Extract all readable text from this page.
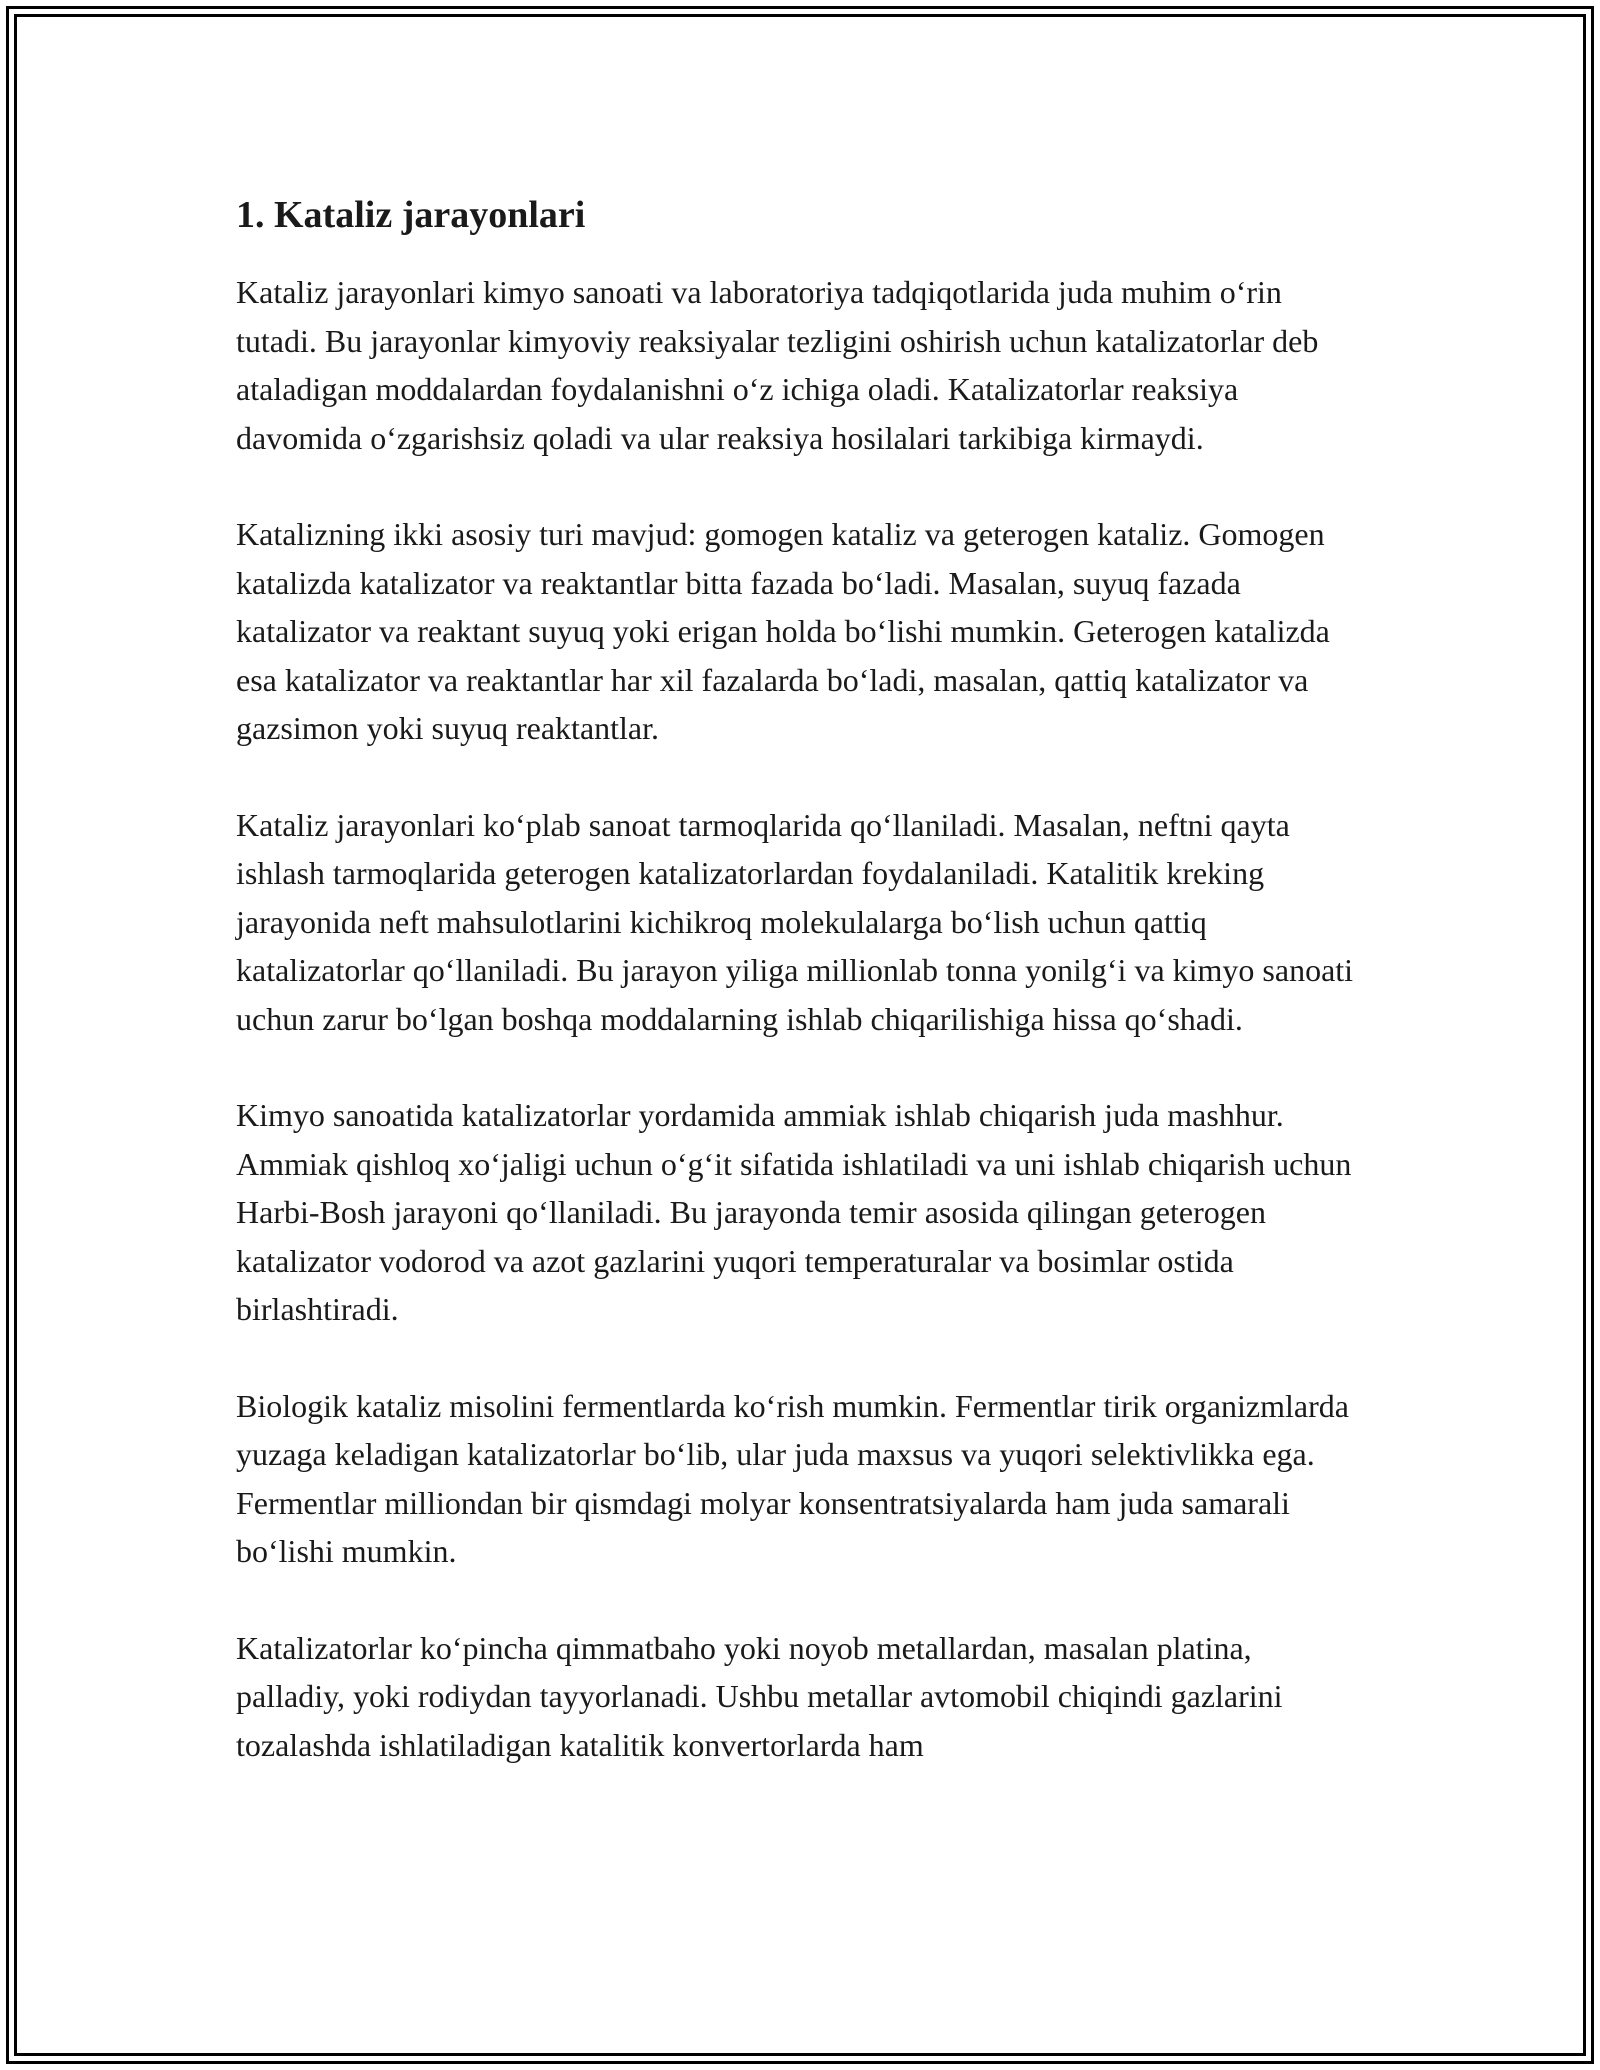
1. Kataliz jarayonlari

Kataliz jarayonlari kimyo sanoati va laboratoriya tadqiqotlarida juda muhim o‘rin tutadi. Bu jarayonlar kimyoviy reaksiyalar tezligini oshirish uchun katalizatorlar deb ataladigan moddalardan foydalanishni o‘z ichiga oladi. Katalizatorlar reaksiya davomida o‘zgarishsiz qoladi va ular reaksiya hosilalari tarkibiga kirmaydi.

Katalizning ikki asosiy turi mavjud: gomogen kataliz va geterogen kataliz. Gomogen katalizda katalizator va reaktantlar bitta fazada bo‘ladi. Masalan, suyuq fazada katalizator va reaktant suyuq yoki erigan holda bo‘lishi mumkin. Geterogen katalizda esa katalizator va reaktantlar har xil fazalarda bo‘ladi, masalan, qattiq katalizator va gazsimon yoki suyuq reaktantlar.

Kataliz jarayonlari ko‘plab sanoat tarmoqlarida qo‘llaniladi. Masalan, neftni qayta ishlash tarmoqlarida geterogen katalizatorlardan foydalaniladi. Katalitik kreking jarayonida neft mahsulotlarini kichikroq molekulalarga bo‘lish uchun qattiq katalizatorlar qo‘llaniladi. Bu jarayon yiliga millionlab tonna yonilg‘i va kimyo sanoati uchun zarur bo‘lgan boshqa moddalarning ishlab chiqarilishiga hissa qo‘shadi.

Kimyo sanoatida katalizatorlar yordamida ammiak ishlab chiqarish juda mashhur. Ammiak qishloq xo‘jaligi uchun o‘g‘it sifatida ishlatiladi va uni ishlab chiqarish uchun Harbi-Bosh jarayoni qo‘llaniladi. Bu jarayonda temir asosida qilingan geterogen katalizator vodorod va azot gazlarini yuqori temperaturalar va bosimlar ostida birlashtiradi.

Biologik kataliz misolini fermentlarda ko‘rish mumkin. Fermentlar tirik organizmlarda yuzaga keladigan katalizatorlar bo‘lib, ular juda maxsus va yuqori selektivlikka ega. Fermentlar milliondan bir qismdagi molyar konsentratsiyalarda ham juda samarali bo‘lishi mumkin.

Katalizatorlar ko‘pincha qimmatbaho yoki noyob metallardan, masalan platina, palladiy, yoki rodiydan tayyorlanadi. Ushbu metallar avtomobil chiqindi gazlarini tozalashda ishlatiladigan katalitik konvertorlarda ham
